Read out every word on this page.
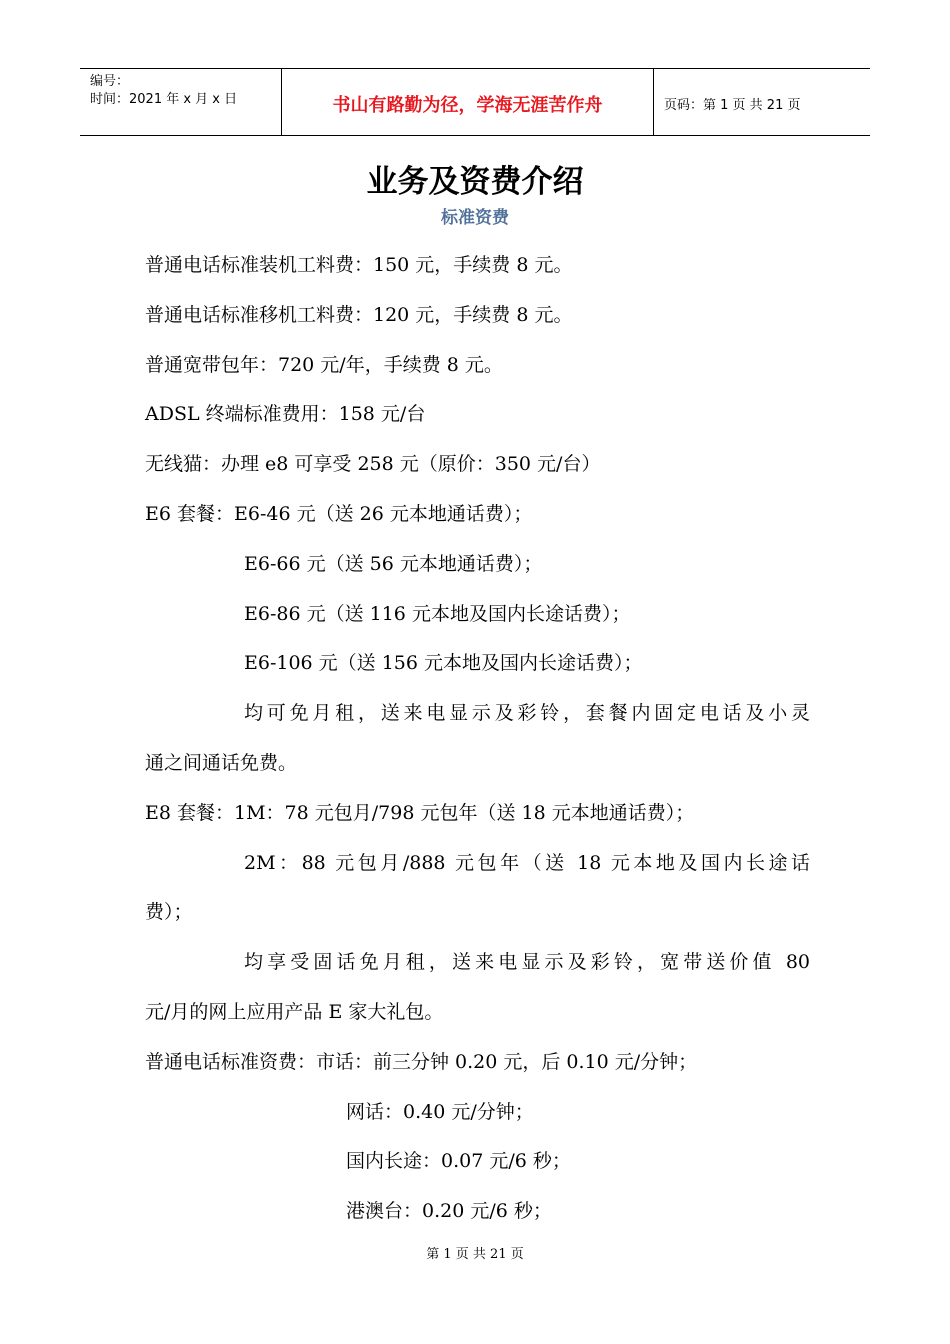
编号：
时间：2021 年 x 月 x 日	书山有路勤为径，学海无涯苦作舟	页码：第 1 页 共 21 页
业务及资费介绍
标准资费
普通电话标准装机工料费：150 元，手续费 8 元。
普通电话标准移机工料费：120 元，手续费 8 元。
普通宽带包年：720 元/年，手续费 8 元。
ADSL 终端标准费用：158 元/台
无线猫：办理 e8 可享受 258 元（原价：350 元/台）
E6 套餐：E6-46 元（送 26 元本地通话费）；
E6-66 元（送 56 元本地通话费）；
E6-86 元（送 116 元本地及国内长途话费）；
E6-106 元（送 156 元本地及国内长途话费）；
均可免月租，送来电显示及彩铃，套餐内固定电话及小灵
通之间通话免费。
E8 套餐：1M：78 元包月/798 元包年（送 18 元本地通话费）；
2M：88 元包月/888 元包年（送 18 元本地及国内长途话
费）；
均享受固话免月租，送来电显示及彩铃，宽带送价值 80
元/月的网上应用产品 E 家大礼包。
普通电话标准资费：市话：前三分钟 0.20 元，后 0.10 元/分钟；
网话：0.40 元/分钟；
国内长途：0.07 元/6 秒；
港澳台：0.20 元/6 秒；
第 1 页 共 21 页
